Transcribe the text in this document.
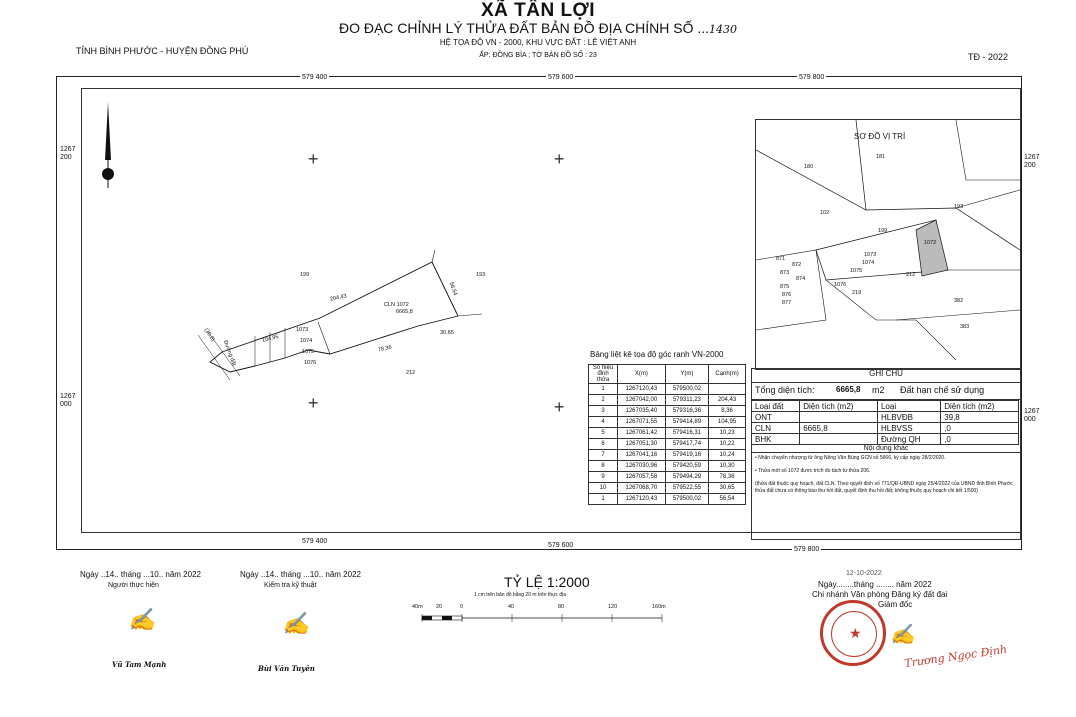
XÃ TÂN LỢI
ĐO ĐẠC CHỈNH LÝ THỬA ĐẤT BẢN ĐỒ ĐỊA CHÍNH SỐ ...1430
HỆ TỌA ĐỘ VN - 2000, KHU VỰC ĐẤT : LÊ VIỆT ANH
ẤP: ĐỒNG BÌA ; TỜ BẢN ĐỒ SỐ : 23
TỈNH BÌNH PHƯỚC - HUYỆN ĐỒNG PHÚ
TĐ - 2022
579 400	579 600	579 800
579 400
579 600
579 800
1267
200
1267
000
1267
200
1267
000
+	+
+	+
199	193
212
1073
1074
1075
1076
CLN 1072
6665,8
204,43
56,54
30,65
78,36
104,95
Đường đất
(30,8)
SƠ ĐỒ VỊ TRÍ
180
181
102
193
199
1072
1073
1074
1075
871
872
873
874
875
876
877
1076
219
212
382
383
Bảng liệt kê tọa độ góc ranh VN-2000
Số hiệu đỉnh thửa	X(m)	Y(m)	Cạnh(m)
1	1267120,43	579500,02	
2	1267042,00	579311,23	204,43
3	1267035,40	579316,36	8,36
4	1267071,55	579414,89	104,95
5	1267061,42	579416,31	10,23
6	1267051,30	579417,74	10,22
7	1267041,16	579419,16	10,24
8	1267030,96	579420,59	10,30
9	1267057,58	579494,29	78,36
10	1267068,70	579522,55	30,65
1	1267120,43	579500,02	56,54
GHI CHÚ
Tổng diện tích:	6665,8 m2 Đất hạn chế sử dụng
Loại đất	Diện tích (m2)	Loại	Diện tích (m2)
ONT		HLBVĐB	39,8
CLN	6665,8	HLBVSS	,0
BHK		Đường QH	,0
Nội dung khác
• Nhận chuyển nhượng từ ông Nông Văn Bùng GCN số 5666, ký cấp ngày 28/2/2020.
• Thửa mới số 1072 được trích đo tách từ thửa 206.
(thửa đất thuộc quy hoạch, đất CLN. Theo quyết định số 771/QĐ-UBND ngày 25/4/2022 của UBND tỉnh Bình Phước thửa đất chưa có thông báo thu hồi đất, quyết định thu hồi đất; không thuộc quy hoạch chi tiết 1/500)
Ngày ..14.. tháng ...10.. năm 2022
Người thực hiện
✍
Vũ Tam Mạnh
Ngày ..14.. tháng ...10.. năm 2022
Kiểm tra kỹ thuật
✍
Bùi Văn Tuyên
TỶ LỆ 1:2000
1 cm trên bản đồ bằng 20 m trên thực địa
40m 20	0	40	80	120	160m
12-10-2022
Ngày........tháng ........ năm 2022
Chi nhánh Văn phòng Đăng ký đất đai
Giám đốc
★ ✍
Trương Ngọc Định
